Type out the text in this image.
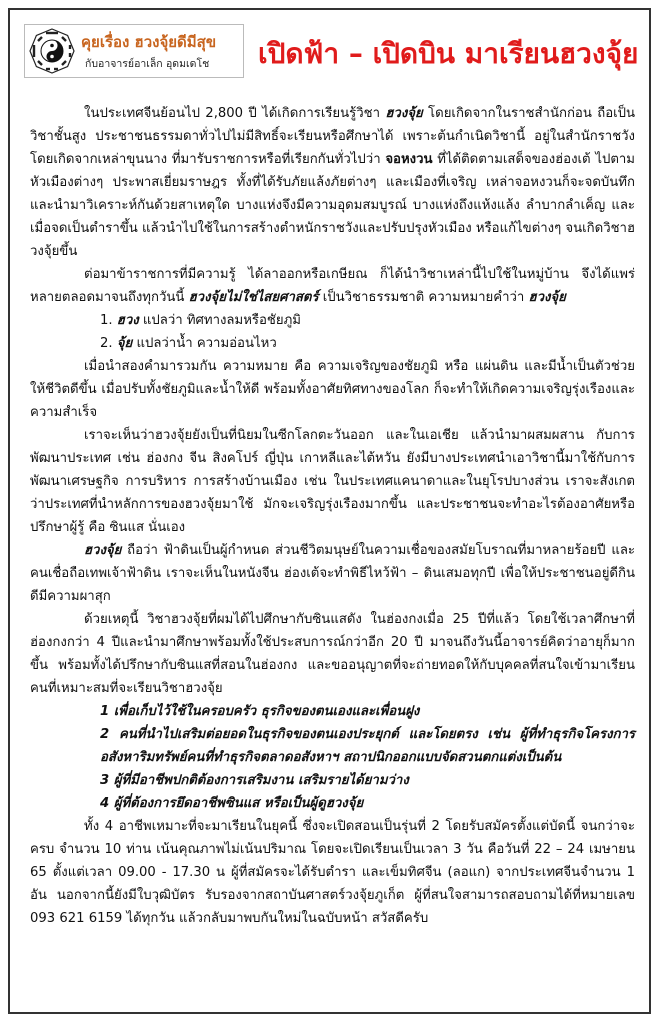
คุยเรื่อง ฮวงจุ้ยดีมีสุข
กับอาจารย์อาเล็ก อุดมเดโช เปิดฟ้า – เปิดบิน มาเรียนฮวงจุ้ย

ในประเทศจีนย้อนไป 2,800 ปี ได้เกิดการเรียนรู้วิชา ฮวงจุ้ย โดยเกิดจากในราชสำนักก่อน ถือเป็นวิชาชั้นสูง ประชาชนธรรมดาทั่วไปไม่มีสิทธิ์จะเรียนหรือศึกษาได้ เพราะต้นกำเนิดวิชานี้ อยู่ในสำนักราชวัง โดยเกิดจากเหล่าขุนนาง ที่มารับราชการหรือที่เรียกกันทั่วไปว่า จอหงวน ที่ได้ติดตามเสด็จของฮ่องเต้ ไปตามหัวเมืองต่างๆ ประพาสเยี่ยมราษฎร ทั้งที่ได้รับภัยแล้งภัยต่างๆ และเมืองที่เจริญ เหล่าจอหงวนก็จะจดบันทึกและนำมาวิเคราะห์กันด้วยสาเหตุใด บางแห่งจึงมีความอุดมสมบูรณ์ บางแห่งถึงแห้งแล้ง ลำบากลำเค็ญ และเมื่อจดเป็นตำราขึ้น แล้วนำไปใช้ในการสร้างตำหนักราชวังและปรับปรุงหัวเมือง หรือแก้ไขต่างๆ จนเกิดวิชาฮวงจุ้ยขึ้น

ต่อมาข้าราชการที่มีความรู้ ได้ลาออกหรือเกษียณ ก็ได้นำวิชาเหล่านี้ไปใช้ในหมู่บ้าน จึงได้แพร่หลายตลอดมาจนถึงทุกวันนี้ ฮวงจุ้ยไม่ใช่ไสยศาสตร์ เป็นวิชาธรรมชาติ ความหมายคำว่า ฮวงจุ้ย

1. ฮวง แปลว่า ทิศทางลมหรือชัยภูมิ

2. จุ้ย แปลว่าน้ำ ความอ่อนไหว

เมื่อนำสองคำมารวมกัน ความหมาย คือ ความเจริญของชัยภูมิ หรือ แผ่นดิน และมีน้ำเป็นตัวช่วยให้ชีวิตดีขึ้น เมื่อปรับทั้งชัยภูมิและน้ำให้ดี พร้อมทั้งอาศัยทิศทางของโลก ก็จะทำให้เกิดความเจริญรุ่งเรืองและความสำเร็จ

เราจะเห็นว่าฮวงจุ้ยยังเป็นที่นิยมในซีกโลกตะวันออก และในเอเชีย แล้วนำมาผสมผสาน กับการพัฒนาประเทศ เช่น ฮ่องกง จีน สิงคโปร์ ญี่ปุ่น เกาหลีและไต้หวัน ยังมีบางประเทศนำเอาวิชานี้มาใช้กับการพัฒนาเศรษฐกิจ การบริหาร การสร้างบ้านเมือง เช่น ในประเทศแคนาดาและในยุโรปบางส่วน เราจะสังเกตว่าประเทศที่นำหลักการของฮวงจุ้ยมาใช้ มักจะเจริญรุ่งเรืองมากขึ้น และประชาชนจะทำอะไรต้องอาศัยหรือปรึกษาผู้รู้ คือ ซินแส นั่นเอง

ฮวงจุ้ย ถือว่า ฟ้าดินเป็นผู้กำหนด ส่วนชีวิตมนุษย์ในความเชื่อของสมัยโบราณที่มาหลายร้อยปี และคนเชื่อถือเทพเจ้าฟ้าดิน เราจะเห็นในหนังจีน ฮ่องเต้จะทำพิธีไหว้ฟ้า – ดินเสมอทุกปี เพื่อให้ประชาชนอยู่ดีกินดีมีความผาสุก

ด้วยเหตุนี้ วิชาฮวงจุ้ยที่ผมได้ไปศึกษากับซินแสดัง ในฮ่องกงเมื่อ 25 ปีที่แล้ว โดยใช้เวลาศึกษาที่ฮ่องกงกว่า 4 ปีและนำมาศึกษาพร้อมทั้งใช้ประสบการณ์กว่าอีก 20 ปี มาจนถึงวันนี้อาจารย์คิดว่าอายุก็มากขึ้น พร้อมทั้งได้ปรึกษากับซินแสที่สอนในฮ่องกง และขออนุญาตที่จะถ่ายทอดให้กับบุคคลที่สนใจเข้ามาเรียน คนที่เหมาะสมที่จะเรียนวิชาฮวงจุ้ย

1 เพื่อเก็บไว้ใช้ในครอบครัว ธุรกิจของตนเองและเพื่อนฝูง

2 คนที่นำไปเสริมต่อยอดในธุรกิจของตนเองประยุกต์ และโดยตรง เช่น ผู้ที่ทำธุรกิจโครงการอสังหาริมทรัพย์คนที่ทำธุรกิจตลาดอสังหาฯ สถาปนิกออกแบบจัดสวนตกแต่งเป็นต้น

3 ผู้ที่มีอาชีพปกติต้องการเสริมงาน เสริมรายได้ยามว่าง

4 ผู้ที่ต้องการยึดอาชีพซินแส หรือเป็นผู้ดูฮวงจุ้ย

ทั้ง 4 อาชีพเหมาะที่จะมาเรียนในยุคนี้ ซึ่งจะเปิดสอนเป็นรุ่นที่ 2 โดยรับสมัครตั้งแต่บัดนี้ จนกว่าจะครบ จำนวน 10 ท่าน เน้นคุณภาพไม่เน้นปริมาณ โดยจะเปิดเรียนเป็นเวลา 3 วัน คือวันที่ 22 – 24 เมษายน 65 ตั้งแต่เวลา 09.00 - 17.30 น ผู้ที่สมัครจะได้รับตำรา และเข็มทิศจีน (ลอแก) จากประเทศจีนจำนวน 1 อัน นอกจากนี้ยังมีใบวุฒิบัตร รับรองจากสถาบันศาสตร์วงจุ้ยภูเก็ต ผู้ที่สนใจสามารถสอบถามได้ที่หมายเลข 093 621 6159 ได้ทุกวัน แล้วกลับมาพบกันใหม่ในฉบับหน้า สวัสดีครับ
